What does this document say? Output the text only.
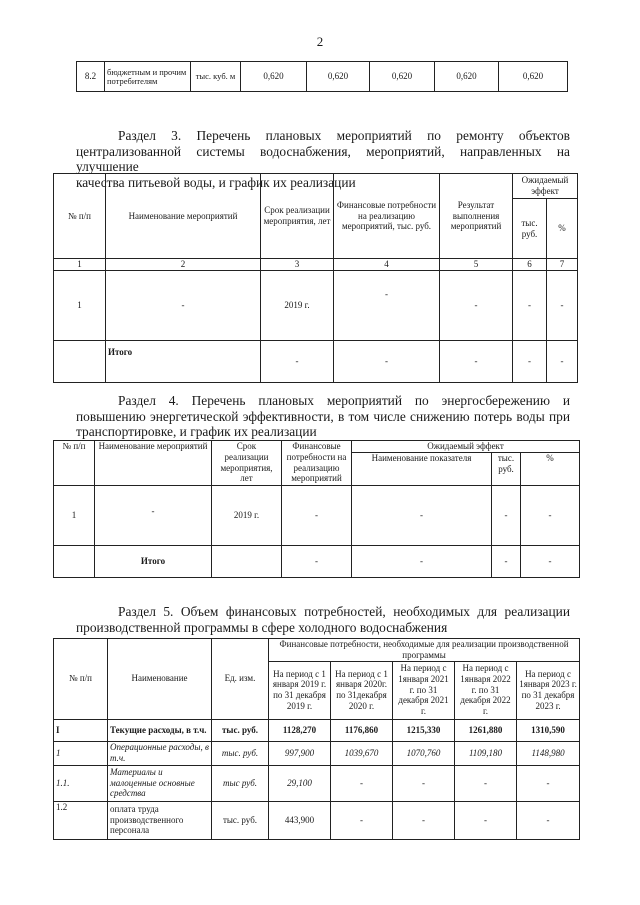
2
8.2	бюджетным и прочим потребителям	тыс. куб. м	0,620	0,620	0,620	0,620	0,620
Раздел 3. Перечень плановых мероприятий по ремонту объектов
централизованной системы водоснабжения, мероприятий, направленных на улучшение
качества питьевой воды, и график их реализации
№ п/п	Наименование мероприятий	Срок реализации мероприятия, лет	Финансовые потребности на реализацию мероприятий, тыс. руб.	Результат выполнения мероприятий	Ожидаемый эффект	
					тыс. руб.	%
1	2	3	4	5	6	7
1	-	2019 г.	-	-	-	-
	Итого	-	-	-	-	-
Раздел 4. Перечень плановых мероприятий по энергосбережению и
повышению энергетической эффективности, в том числе снижению потерь воды при
транспортировке, и график их реализации
№ п/п	Наименование мероприятий	Срок реализации мероприятия, лет	Финансовые потребности на реализацию мероприятий	Ожидаемый эффект		
				Наименование показателя	тыс. руб.	%
1	-	2019 г.	-	-	-	-
	Итого		-	-	-	-
Раздел 5. Объем финансовых потребностей, необходимых для реализации
производственной программы в сфере холодного водоснабжения
№ п/п	Наименование	Ед. изм.	Финансовые потребности, необходимые для реализации производственной программы				
			На период с 1 января 2019 г. по 31 декабря 2019 г.	На период с 1 января 2020г. по 31декабря 2020 г.	На период с 1января 2021 г. по 31 декабря 2021 г.	На период с 1января 2022 г. по 31 декабря 2022 г.	На период с 1января 2023 г. по 31 декабря 2023 г.
I	Текущие расходы, в т.ч.	тыс. руб.	1128,270	1176,860	1215,330	1261,880	1310,590
1	Операционные расходы, в т.ч.	тыс. руб.	997,900	1039,670	1070,760	1109,180	1148,980
1.1.	Материалы и малоценные основные средства	тыс руб.	29,100	-	-	-	-
1.2	оплата труда производственного персонала	тыс. руб.	443,900	-	-	-	-
